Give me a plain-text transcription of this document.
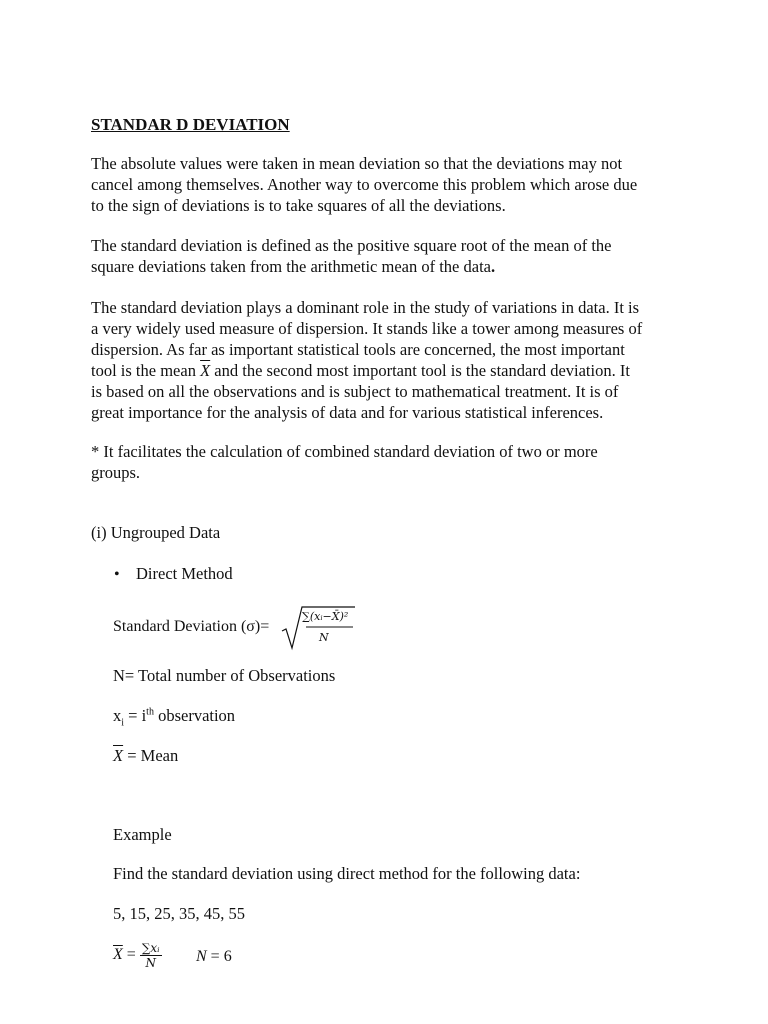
STANDAR D DEVIATION
The absolute values were taken in mean deviation so that the deviations may not
cancel among themselves. Another way to overcome this problem which arose due
to the sign of deviations is to take squares of all the deviations.
The standard deviation is defined as the positive square root of the mean of the
square deviations taken from the arithmetic mean of the data.
The standard deviation plays a dominant role in the study of variations in data. It is
a very widely used measure of dispersion. It stands like a tower among measures of
dispersion. As far as important statistical tools are concerned, the most important
tool is the mean $\overline{X}$ and the second most important tool is the standard deviation. It
is based on all the observations and is subject to mathematical treatment. It is of
great importance for the analysis of data and for various statistical inferences.
* It facilitates the calculation of combined standard deviation of two or more
groups.
(i) Ungrouped Data
• Direct Method
Standard Deviation (σ)=
∑(xᵢ−X̄)²
N
N= Total number of Observations
$x_i = i^{th}$ observation
$\overline{X}$ = Mean
Example
Find the standard deviation using direct method for the following data:
5, 15, 25, 35, 45, 55
$\overline{X} = \frac{\text{∑xᵢ}}{N}$ N = 6
